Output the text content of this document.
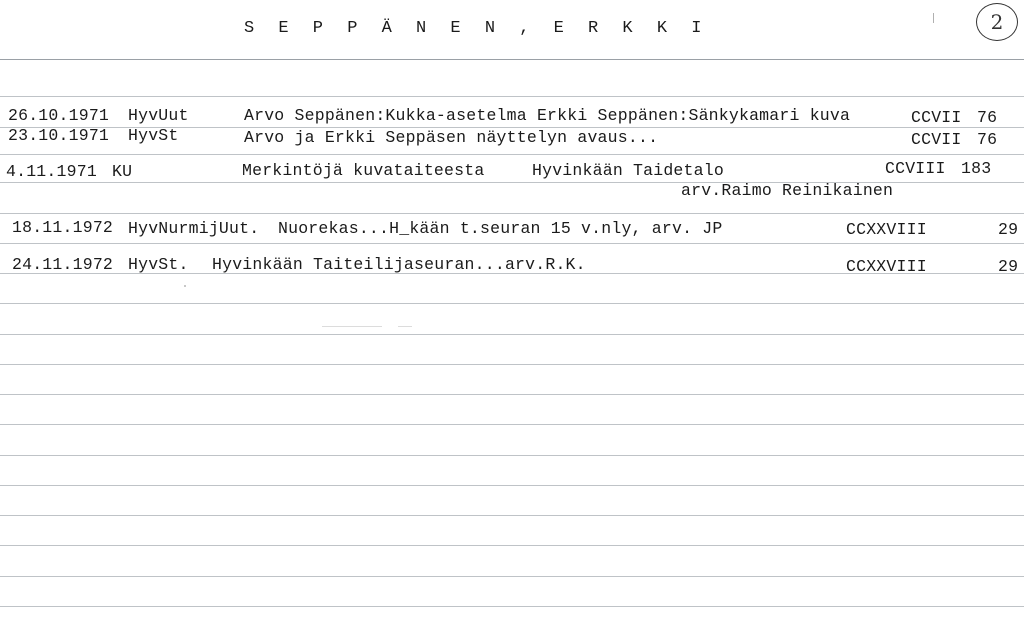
S E P P Ä N E N , E R K K I	2
26.10.1971 HyvUut	Arvo Seppänen:Kukka-asetelma Erkki Seppänen:Sänkykamari kuva	CCVII 76
23.10.1971 HyvSt	Arvo ja Erkki Seppäsen näyttelyn avaus...	CCVII 76
4.11.1971 KU	Merkintöjä kuvataiteesta	Hyvinkään Taidetalo	CCVIII 183
arv.Raimo Reinikainen
18.11.1972 HyvNurmijUut. Nuorekas...H_kään t.seuran 15 v.nly, arv. JP	CCXXVIII	29
24.11.1972 HyvSt. Hyvinkään Taiteilijaseuran...arv.R.K.	CCXXVIII	29
